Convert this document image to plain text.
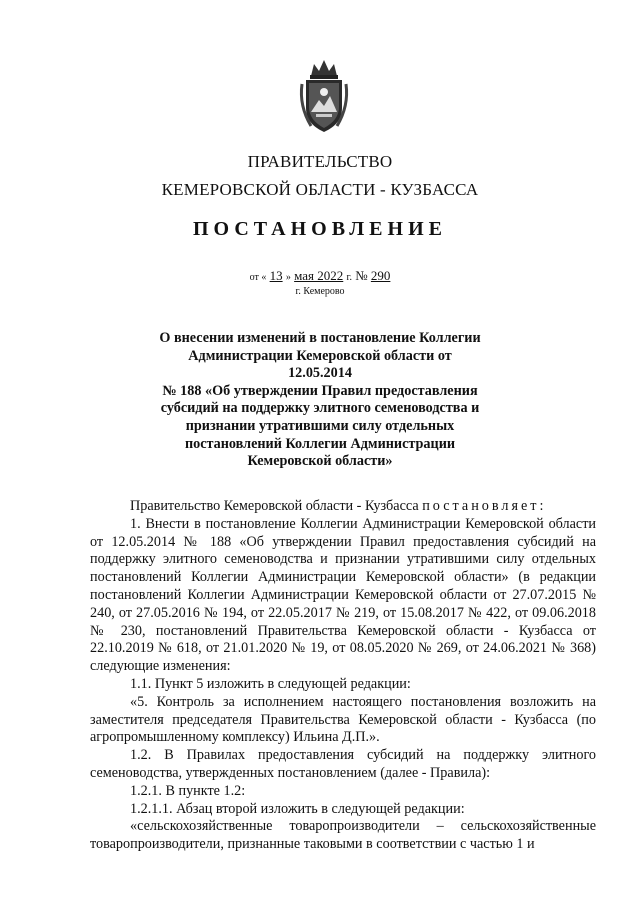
ПРАВИТЕЛЬСТВО
КЕМЕРОВСКОЙ ОБЛАСТИ - КУЗБАССА
ПОСТАНОВЛЕНИЕ
от « 13 » мая 2022 г. № 290
г. Кемерово
О внесении изменений в постановление Коллегии
Администрации Кемеровской области от 12.05.2014
№ 188 «Об утверждении Правил предоставления
субсидий на поддержку элитного семеноводства и
признании утратившими силу отдельных
постановлений Коллегии Администрации
Кемеровской области»

Правительство Кемеровской области - Кузбасса постановляет:

1. Внести в постановление Коллегии Администрации Кемеровской области от 12.05.2014 № 188 «Об утверждении Правил предоставления субсидий на поддержку элитного семеноводства и признании утратившими силу отдельных постановлений Коллегии Администрации Кемеровской области» (в редакции постановлений Коллегии Администрации Кемеровской области от 27.07.2015 № 240, от 27.05.2016 № 194, от 22.05.2017 № 219, от 15.08.2017 № 422, от 09.06.2018 № 230, постановлений Правительства Кемеровской области - Кузбасса от 22.10.2019 № 618, от 21.01.2020 № 19, от 08.05.2020 № 269, от 24.06.2021 № 368) следующие изменения:

1.1. Пункт 5 изложить в следующей редакции:

«5. Контроль за исполнением настоящего постановления возложить на заместителя председателя Правительства Кемеровской области - Кузбасса (по агропромышленному комплексу) Ильина Д.П.».

1.2. В Правилах предоставления субсидий на поддержку элитного семеноводства, утвержденных постановлением (далее - Правила):

1.2.1. В пункте 1.2:

1.2.1.1. Абзац второй изложить в следующей редакции:

«сельскохозяйственные товаропроизводители – сельскохозяйственные товаропроизводители, признанные таковыми в соответствии с частью 1 и
